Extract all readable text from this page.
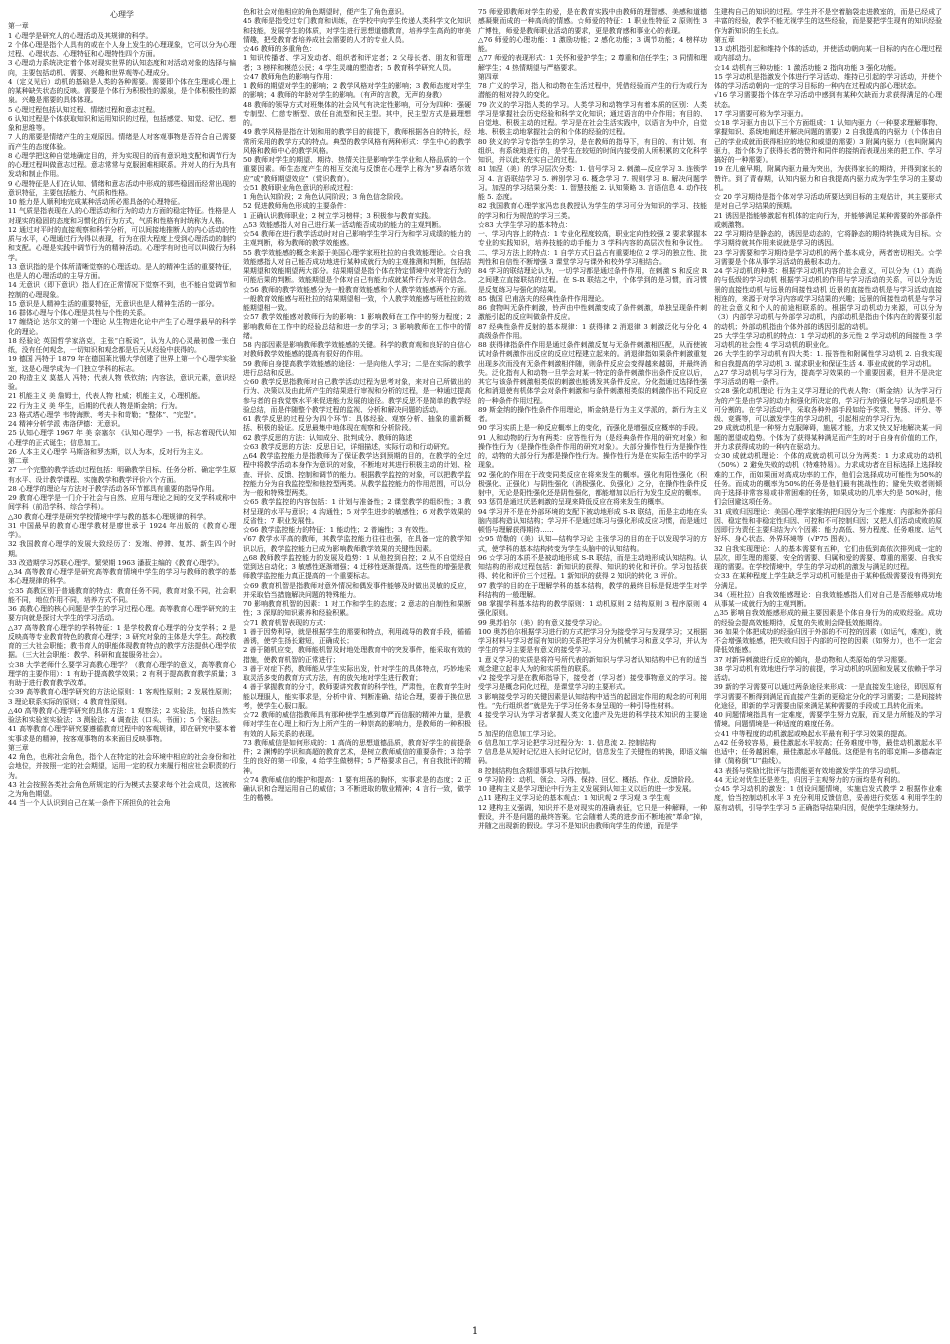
心理学
第一章
1 心理学是研究人的心理活动及其规律的科学。
2 个体心理是指个人具有的或在个人身上发生的心理现象，它可以分为心理过程、心理状态、心理特征和心理特性四个方面。
3 心理动力系统决定着个体对现实世界的认知态度和对活动对象的选择与偏向，主要包括动机、需要、兴趣和世界观等心理成分。
4（定义见后）动机的基础是人类的各种需要。需要即个体在生理或心理上的某种缺失状态的反映。需要是个体行为积极性的源泉，是个体积极性的源泉。兴趣是需要的具体体现。
5 心理过程包括认知过程、情绪过程和意志过程。
6 认知过程是个体获取知识和运用知识的过程，包括感觉、知觉、记忆、想象和思维等。
7 人的需要是情绪产生的主观原因。情绪是人对客观事物是否符合自己需要而产生的态度体验。
8 心理学把这种自觉地确定目的，并为实现目的而有意识地支配和调节行为的心理过程叫做意志过程。意志常常与克服困难相联系。并对人的行为具有发动和制止作用。
9 心理特征是人们在认知、情绪和意志活动中形成的那些稳固而经常出现的意识特征，主要包括能力、气质和性格。
10 能力是人顺利地完成某种活动所必需具备的心理特征。
11 气质是指表现在人的心理活动和行为的动力方面的稳定特征。性格是人对现实的稳固的态度和习惯化的行为方式，气质和性格有时统称为人格。
12 通过对平时的直接观察和科学分析，可以间接地推断人的内心活动的性质与水平，心理通过行为得以表现，行为在很大程度上受到心理活动的制约和支配。心理是实践中调节行为的精神活动。心理学有时也可以叫做行为科学。
13 意识指的是个体所清晰觉察的心理活动。是人的精神生活的重要特征，也是人的心理活动的主导方面。
14 无意识（即下意识）指人们在正常情况下觉察不到，也不能自觉调节和控制的心理现象。
15 意识是人精神生活的重要特征，无意识也是人精神生活的一部分。
16 群体心理与个体心理是共性与个性的关系。
17 缠绕论 达尔文的第一个理论 从生物进化论中产生了心理学最早的科学化的理论。
18 经验论 英国哲学家洛克，主张“白板说”，认为人的心灵最初像一张白纸，没有任何观念，一切知识和观念都是后天从经验中获得的。
19 德国 冯特于 1879 年在德国莱比锡大学创建了世界上第一个心理学实验室，这是心理学成为一门独立学科的标志。
20 构造主义 莫基人 冯特；代表人物 铁钦纳；内容法，意识元素，意识经验。
21 机能主义 美 詹姆士，代表人物 杜威；机能主义，心理机能。
22 行为主义 美 华生，后期的代表人物是斯金纳；行为。
23 格式塔心理学 韦特海默、考夫卡和苛勒；“整体”、“完型”。
24 精神分析学派 弗洛伊德：无意识。
25 认知心理学 1967 年 美 奈塞尔 《认知心理学》一书，标志着现代认知心理学的正式诞生；信息加工。
26 人本主义心理学 马斯洛和罗杰斯，以人为本，反对行为主义。
第二章
27 一个完整的教学活动过程包括：明确教学目标、任务分析、确定学生原有水平、设计教学课程、实施教学和教学评价六个方面。
28 心理学的理论与方法对于教学活动各环节都具有重要的指导作用。
29 教育心理学是一门介于社会与自然、应用与理论之间的交叉学科或称中间学科（前沿学科、综合学科）。
△30 教育心理学是研究学校情境中学与教的基本心理规律的科学。
31 中国最早的教育心理学教材是廖世承于 1924 年出版的《教育心理学》。
32 我国教育心理学的发展大致经历了：发端、停滞、复苏、新生四个时期。
33 改造期学习苏联心理学。繁荣期 1963 潘菽主编的《教育心理学》。
△34 高等教育心理学是研究高等教育情境中学生的学习与教师的教学的基本心理规律的科学。
☆35 高教区别于普通教育的特点：教育任务不同，教育对象不同，社会职能不同，地位作用不同，培养方式不同。
36 高教心理的核心问题是学生的学习过程心理。高等教育心理学研究的主要方向就是探讨大学生的学习活动。
△37 高等教育心理学的学科特征：1 是学校教育心理学的分支学科；2 是反映高等专业教育特色的教育心理学；3 研究对象的主体是大学生。高校教育的三大社会职能；教书育人的职能体现教育特点的教学方法提供心理学依据。（三大社会职能：教学、科研和直接服务社会）。
☆38 大学老师什么要学习高教心理学？（教育心理学的意义，高等教育心理学的主要作用）：1 有助于提高教学效果；2 有利于提高教育教学质量；3 有助于进行教育教学改革。
☆39 高等教育心理学研究的方法论原则：1 客观性原则；2 发展性原则；3 理论联系实际的原则；4 教育性原则。
△40 高等教育心理学研究的具体方法：1 观察法；2 实验法，包括自然实验法和实验室实验法；3 测验法；4 调查法（口头、书面）；5 个案法。
41 高等教育心理学研究要遵循教育过程中的客观规律，即在研究中要本着实事求是的精神，按客观事物的本来面目反映事物。
第三章
42 角色，也称社会角色，指个人在特定的社会环境中相应的社会身份和社会地位，并按照一定的社会期望，运用一定的权力来履行相应社会职责的行为。
43 社会按照各类社会角色所规定的行为模式去要求每个社会成员，这被称之为角色期望。
44 当一个人认识到自己在某一条件下所担负的社会角
色和社会对他相应的角色期望时，便产生了角色意识。
45 教师是指受过专门教育和训练，在学校中向学生传递人类科学文化知识和技能，发展学生的体质，对学生进行思想道德教育，培养学生高尚的审美情趣，把受教育者培养成社会需要的人才的专业人员。
☆46 教师的多重角色：
1 知识传播者、学习发动者、组织者和评定者；2 父母长者、朋友和管理者；3 榜样和模范公民；4 学生灵魂的塑造者；5 教育科学研究人员。
☆47 教师角色的影响与作用：
1 教师的期望对学生的影响；2 教学风格对学生的影响；3 教师态度对学生的影响；4 教师的年龄对学生的影响。（有声的言教，无声的身教）
48 教师的领导方式对班集体的社会风气有决定性影响，可分为四种：强硬专制型、仁慈专断型、放任自流型和民主型。其中，民主型方式是最理想的。
49 教学风格是指在计划和用的教学目的前提下，教师根据各自的特长，经常所采用的教学方式的特点。典型的教学风格有两种形式：学生中心的教学风格和教师中心的教学风格。
50 教师对学生的期望、期待、热情关注是影响学生学业和人格品质的一个重要因素。师生态度产生的相互交流与反馈在心理学上称为“罗森塔尔效应”或“教师期望效应”（赏识教育）。
☆51 教师职业角色意识的形成过程：
1 角色认知阶段；2 角色认同阶段；3 角色信念阶段。
52 促进教师角色形成的主要条件：
1 正确认识教师职业；2 树立学习榜样；3 积极参与教育实践。
△53 效能感指人对自己进行某一活动能否成功的能力的主观判断。
☆54 教师在进行教学活动时对自己影响学生学习行为和学习成绩的能力的主观判断，称为教师的教学效能感。
55 教学效能感的概念来源于美国心理学家班杜拉的自我效能理论。☆自我效能感指人对自己能否成功地进行某种成就行为的主观推测和判断，包括结果期望和效能期望两大部分。结果期望是指个体在特定情境中对特定行为的可能后果的判断。效能期望是个体对自己有能力成就某件行为水平的信念。
☆56 教师的教学效能感分为一般教育效能感和个人教学效能感两个方面。一般教育效能感与班杜拉的结果期望相一致，个人教学效能感与班杜拉的效能期望相一致。
☆57 教学效能感对教师行为的影响：1 影响教师在工作中的努力程度；2 影响教师在工作中的经验总结和进一步的学习；3 影响教师在工作中的情绪。
58 内部因素是影响教师教学效能感的关键。科学的教育观和良好的自信心对教师教学效能感的提高有很好的作用。
59 教师自身提高教学效能感的途径：一是向他人学习；二是在实际的教学进行总结和反思。
☆60 教学反思指教师对自己教学活动过程为思考对象，来对自己所做出的行为、决策以及由此所产生的结果进行审视和分析的过程，是一种通过提高参与者的自我觉察水平来促进能力发展的途径。教学反思不是简单的教学经验总结，而是伴随整个教学过程的监视、分析和解决问题的活动。
61 教学反思的过程分为四个环节：具体经验、观察分析、抽象的重新概括、积极的验证。反思最集中地体现在观察和分析阶段。
62 教学反思的方法：认知成分、批判成分、教师的陈述
☆63 教学反思的方法：反思日记，详细描述，实际行动和行动研究。
△64 教学监控能力是指教师为了保证教学达到预期的目的，在教学的全过程中将教学活动本身作为意识的对象，不断地对其进行积极主动的计划、检查、评价、反馈、控制和调节的能力。根据教学监控的对象，可以把教学监控能力分为自我监控型和他控型两类。从教学监控能力的作用范围，可以分为一般和特殊型两类。
☆65 教学监控的内容包括：1 计划与准备性；2 课堂教学的组织性；3 教材呈现的水平与意识；4 沟通性；5 对学生进步的敏感性；6 对教学效果的反省性；7 职业发展性。
☆66 教学监控能力的特征：1 能动性；2 普遍性；3 有效性。
√67 教学水平高的教师，其教学监控能力往往也强，在具备一定的教学知识以后，教学监控能力已成为影响教师教学效果的关键性因素。
△68 教师教学监控能力的发展及趋势：1 从他控到自控；2 从不自觉经自觉到达自动化；3 敏感性逐渐增强；4 迁移性逐渐提高。这些性的增强是教师教学监控能力真正提高的一个重要标志。
☆69 教育机智是指教师对意外情况和偶发事件能够及时做出灵敏的反应，并采取恰当措施解决问题的特殊能力。
70 影响教育机智的因素：1 对工作和学生的态度；2 意志的自制性和果断性；3 深厚的知识素养和经验积累。
☆71 教育机智表现的方式：
1 善于因势利导，就是根据学生的需要和特点，利用疏导的教育手段，循循善诱，使学生扬长避短，正确成长；
2 善于随机应变，教师能机智及时地处理教育中的突发事件，能采取有效的措施，使教育机智的正常进行；
3 善于对症下药，教师能从学生实际出发，针对学生的具体特点，巧妙地采取灵活多变的教育方式方法，有的放矢地对学生进行教育；
4 善于掌握教育的分寸，教师要讲究教育的科学性，严肃性，在教育学生时能以理服人，能实事求是，分析中肯、判断准确、结论合理，要善于换位思考，使学生心服口服。
☆72 教师的威信指教师具有那种使学生感到尊严而信服的精神力量，是教师对学生在心理上和行为上所产生的一种崇高的影响力，是教师的一种积极有效的人际关系的表现。
73 教师威信是如何形成的：1 高尚的思想道德品质，教育好学生的前提条件；2 渊博的学识和高超的教育艺术，是树立教师威信的重要条件；3 给学生的良好的第一印象，4 给学生做榜样；5 严格要求自己，有自我批评的精神。
☆74 教师威信的维护和提高：1 要有坦荡的胸怀，实事求是的态度；2 正确认识和合理运用自己的威信；3 不断进取的敬业精神；4 言行一致，做学生的楷模。
75 师爱即教师对学生的爱，是在教育实践中由教师的理智感、美感和道德感凝聚而成的一种高尚的情感。☆师爱的特征：1 职业性特征 2 原则性 3 广博性，师爱是教师职业活动的要求，更是教育感和事业心的表现。
△76 师爱的心理功能：1 激励功能；2 感化功能；3 调节功能；4 榜样功能。
△77 师爱的表现形式：1 关怀和爱护学生；2 尊重和信任学生；3 同情和理解学生；4 热情期望与严格要求。
第四章
78 广义的学习，指人和动物在生活过程中，凭借经验而产生的行为或行为潜能的相对持久的变化。
79 次义的学习指人类的学习。人类学习和动物学习有着本质的区别：人类学习是掌握社会历史经验和科学文化知识；通过语言的中介作用；有目的、自觉地、积极主动的过程。学习是在社会生活实践中，以语言为中介，自觉地、积极主动地掌握社会的和个体的经验的过程。
80 狭义的学习专指学生的学习，是在教师的指导下，有目的、有计划、有组织、有系统地进行的，是学生在较短的时间内接受前人所积累的文化科学知识，并以此来充实自己的过程。
81 加涅（美）的学习层次分类：1. 信号学习 2. 刺激—反应学习 3. 连锁学习 4. 言语联结学习 5. 辨别学习 6. 概念学习 7. 规则学习 8. 解决问题学习。加涅的学习结果分类：1. 智慧技能 2. 认知策略 3. 言语信息 4. 动作技能 5. 态度。
82 我国教育心理学家冯忠良教授认为学生的学习可分为知识的学习、技能的学习和行为规范的学习三类。
☆83 大学生学习的基本特点：
一、学习内容上的特点：1 专业化程度较高，职业定向性较强 2 要求掌握本专业的实践知识，培养技能的动手能力 3 学科内容的高层次性和争议性。二、学习方法上的特点：1 自学方式日益占有重要地位 2 学习的独立性、批判性和自信性不断增强 3 课堂学习与课外和校外学习相结合。
84 学习的联结理论认为，一切学习都是通过条件作用，在刺激 S 和反应 R 之间建立直接联结的过程。在 S-R 联结之中，个体学到的是习惯，而习惯是反复练习与强化的结果。
85 俄国 巴甫洛夫的经典性条件作用理论。
86 食物叫无条件刺激，铃声由中性刺激变成了条件刺激，单独呈现条件刺激能引起的反应叫做条件反应。
87 经典性条件反射的基本规律：1 获得律 2 消退律 3 刺激泛化与分化 4 高级条件作用。
88 获得律指条件作用是通过条件刺激反复与无条件刺激相匹配，从而使被试对条件刺激作出反应的反应过程建立起来的。消退律指如果条件刺激重复出现多次而没有无条件刺激相伴随，则条件反应会变得越来越弱，并最终消失。泛化指有人和动物一旦学会对某一特定的条件刺激作出条件反应以后，其它与该条件刺激相类似的刺激也能诱发其条件反应。分化指通过选择性强化和消退使有机体学会对条件刺激和与条件刺激相类似的刺激作出不同反应的一种条件作用过程。
89 斯金纳的操作性条件作用理论，斯金纳是行为主义学派的，新行为主义者。
90 学习实质上是一种反应概率上的变化，而强化是增强反应概率的手段。
91 人和动物的行为有两类：应答性行为（是经典条件作用的研究对象）和操作性行为（是操作性条件作用的研究对象）。大部分操作性行为是操作性的，动物的大部分行为都是操作性行为。操作性行为是在实际生活中的学习现象。
92 强化的作用在于改变同类反应在将来发生的概率。强化有阳性强化（积极强化、正强化）与阴性强化（消极强化、负强化）之分，在操作性条件反射中，无论是阳性强化还是阴性强化，都能增加以后行为发生反应的概率。
93 惩罚是通过厌恶刺激的呈现来降低反应在将来发生的概率。
94 学习并不是在外部环境的支配下被动地形成 S-R 联结，而是主动地在头脑内部构造认知结构；学习并不是通过练习与强化形成反应习惯，而是通过顿悟与理解获得期待……
☆95 苛勒的（美）认知—结构学习论 主张学习的目的在于以发现学习的方式，使学科的基本结构转变为学生头脑中的认知结构。
96 ☆学习的本质不是被动地形成 S-R 联结，而是主动地形成认知结构。认知结构的形成过程包括：新知识的获得、知识的转化和评价。学习包括获得、转化和评价三个过程。1 新知识的获得 2 知识的转化 3 评价。
97 教学的目的在于理解学科的基本结构，教学的最终目标是促进学生对学科结构的一般理解。
98 掌握学科基本结构的教学原则：1 动机原则 2 结构原则 3 程序原则 4 强化原则。
99 奥苏伯尔（美）的有意义接受学习论。
100 奥苏伯尔根据学习进行的方式把学习分为接受学习与发现学习；又根据学习材料与学习者原有知识的关系把学习分为机械学习和意义学习，并认为学生的学习主要是有意义的接受学习。
1 意义学习的实质是将符号所代表的新知识与学习者认知结构中已有的适当观念建立起非人为的和实质性的联系。
√2 接受学习是在教师指导下，接受者（学习者）接受事物意义的学习。接受学习是概念同化过程，是课堂学习的主要形式。
3 影响接受学习的关键因素是认知结构中适当的起固定作用的观念的可利用性。“先行组织者”就是先于学习任务本身呈现的一种引导性材料。
4 接受学习认为学习者掌握人类文化遗产及先进的科学技术知识的主要途径。
5 加涅的信息加工学习论。
6 信息加工学习论把学习过程分为：1. 信息流 2. 控制结构
7 信息是从短时记忆进入长时记忆时，信息发生了关键性的转换，即语义编码。
8 控制结构包含期望事项与执行控制。
9 学习阶段：动机、领会、习得、保持、回忆、概括、作业、反馈阶段。
10 建构主义是学习理论中行为主义发展到认知主义以后的进一步发展。
△11 建构主义学习论的基本观点：1 知识观 2 学习观 3 学生观
12 建构主义强调，知识并不是对现实的准确表征，它只是一种解释，一种假设，并不是问题的最终答案。它会随着人类的进步而不断地被“革命”掉，并随之出现新的假设。学习不是知识由教师向学生的传递，而是学
生建构自己的知识的过程。学生并不是空着脑袋走进教室的，而是已经成了丰富的经验，教学不能无视学生的这些经验，而是要把学生现有的知识经验作为新知识的生长点。
第五章
13 动机指引起和维持个体的活动，并使活动朝向某一目标的内在心理过程或内部动力。
☆14 动机有三种功能：1 激活功能 2 指向功能 3 强化功能。
15 学习动机是指激发个体进行学习活动、维持已引起的学习活动，并使个体的学习活动朝向一定的学习目标的一种内在过程或内部心理状态。
√16 学习需要指个体在学习活动中感到有某种欠缺而力求获得满足的心理状态。
17 学习需要可称为学习驱力。
☆18 学习驱力由以下三个方面组成：1 认知内驱力（一种要求理解事物、掌握知识、系统地阐述并解决问题的需要）2 自我提高的内驱力（个体由自己的学业成就而获得相应的地位和威望的需要）3 附属内驱力（也叫附属内驱力，指个体为了获得长者的赞许和同伴的接纳而表现出来的把工作、学习搞好的一种需要）。
19 在儿童早期，附属内驱力最为突出，为获得家长的期待，并得到家长的赞许。到了青春期，认知内驱力和自我提高内驱力成为学生学习的主要动机。
☆ 20 学习期待是指个体对学习活动所要达到目标的主观估计，其主要形式是对自己学习结果的预期。
21 诱因是指能够激起有机体的定向行为，并能够满足某种需要的外部条件或刺激物。
22 学习期待是静态的，诱因是动态的，它将静态的期待转换成为目标。☆学习期待就其作用来说就是学习的诱因。
23 学习需要和学习期待是学习动机的两个基本成分，两者密切相关。☆学习需要是个体从事学习活动的最根本动力。
24 学习动机的种类：根据学习动机内容的社会意义，可以分为（1）高尚的与低级的学习动机 根据学习动机的作用与学习活动的关系，可以分为近景的直接性动机与远景的间接性动机 近景的直接性动机是与学习活动直接相连的，来源于对学习内容或学习结果的兴趣；远景的间接性动机是与学习的社会意义和个人的前途相联系的。根据学习动机动力来源，可以分为（3）内部学习动机与外部学习动机，内部动机是指由个体内在的需要引起的动机；外部动机指由个体外部的诱因引起的动机。
25 大学生学习动机的特点：1 学习动机的多元性 2 学习动机的间接性 3 学习动机的社会性 4 学习动机的职业化。
26 大学生的学习动机有四大类：1. 报答性和附属性学习动机 2. 自我实现和自我提高的学习动机 3. 谋求职业和保证生活 4. 事业成就的学习动机。
△27 学习动机与学习行为，提高学习效果的一个重要因素，但并不是决定学习活动的唯一条件。
☆28 强化动机理论 行为主义学习理论的代表人物：（斯金纳）认为学习行为的产生是由学习的动力和强化所决定的，学习行为的强化与学习动机是不可分割的。在学习活动中，采取各种外部手段如给予奖赏、赞扬、评分、等级、竞赛等，可以激发学生的学习动机，引起相应的学习行为。
29 成就动机是一种努力克服障碍，施展才能，力求又快又好地解决某一问题的愿望或趋势。个体为了获得某种满足而产生的对于自身有价值的工作，并力求获得成功的一种内在驱动力。
☆30 成就动机理论：个体的成就动机可以分为两类：1 力求成功的动机（50%）2 避免失败的动机（特难特易）。力求成功者在目标选择上选择较难的工作，而如果面对高成功率的工作，他们会选择成功可能性为50%的任务。而成功的概率为50%的任务是他们最有挑战性的；避免失败者则倾向于选择非常容易或非常困难的任务，如果成功的几率大约是 50%时，他们会回避这项任务。
31 成败归因理论：美国心理学家维纳把归因分为三个维度：内部和外部归因、稳定性和非稳定性归因、可控和不可控制归因；又把人们活动成败的原因即行为责任主要归结为六个因素：能力高低、努力程度、任务难度、运气好坏、身心状态、外界环境等（√P75 图表）。
32 自我实现理论：人的基本需要有五种，它们由低到高依次排列成一定的层次，即生理的需要、安全的需要、归属和爱的需要、尊重的需要、自我实现的需要。在学校情境中，学生的学习动机的激发与满足的过程。
☆33 在某种程度上学生缺乏学习动机可能是由于某种低级需要没有得到充分满足。
34（班杜拉）自我效能感理论：自我效能感指人们对自己是否能够成功地从事某一成就行为的主观判断。
△35 影响自我效能感形成的最主要因素是个体自身行为的成败经验。成功的经验会提高效能期待，反复的失败则会降低效能期待。
36 如果个体把成功的经验归因于外部的不可控的因素（如运气，难度），就不会增强效能感，把失败归因于内部的可控的因素（如努力），也不一定会降低效能感。
37 对新异刺激进行反应的倾向，是动物和人类原始的学习需要。
38 学习动机有效地进行学习的前提，学习动机的巩固和发展又依赖于学习活动。
39 新的学习需要可以通过两条途径来形成：一是直接发生途径，即因原有学习需要不断得到满足而直接产生新的更稳定分化的学习需要；二是间接转化途径，即新的学习需要由原来满足某种需要的手段或工具转化而来。
40 问题情境指具有一定难度，需要学生努力克服，而又是力所能及的学习情境。问题情境是一种适度的难度任务。
☆41 中等程度的动机激起或唤起水平最有利于学习效果的提高。
△42 任务较容易，最佳激起水平较高；任务难度中等，最佳动机激起水平也适中；任务越困难，最佳激起水平越低。这便是有名的耶克斯—多德森定律（简称倒“U”曲线）。
43 表扬与奖励比批评与指责能更有效地激发学生的学习动机。
44 无论对优生还是差生，归因于主观努力的方面均是有利的。
☆45 学习动机的激发：1 创设问题情境，实施启发式教学 2 根据作业难度，恰当控制动机水平 3 充分利用反馈信息，妥善进行奖惩 4 利用学生的原有动机，引导学生学习 5 正确指导结果归因，促使学生继续努力。
1
